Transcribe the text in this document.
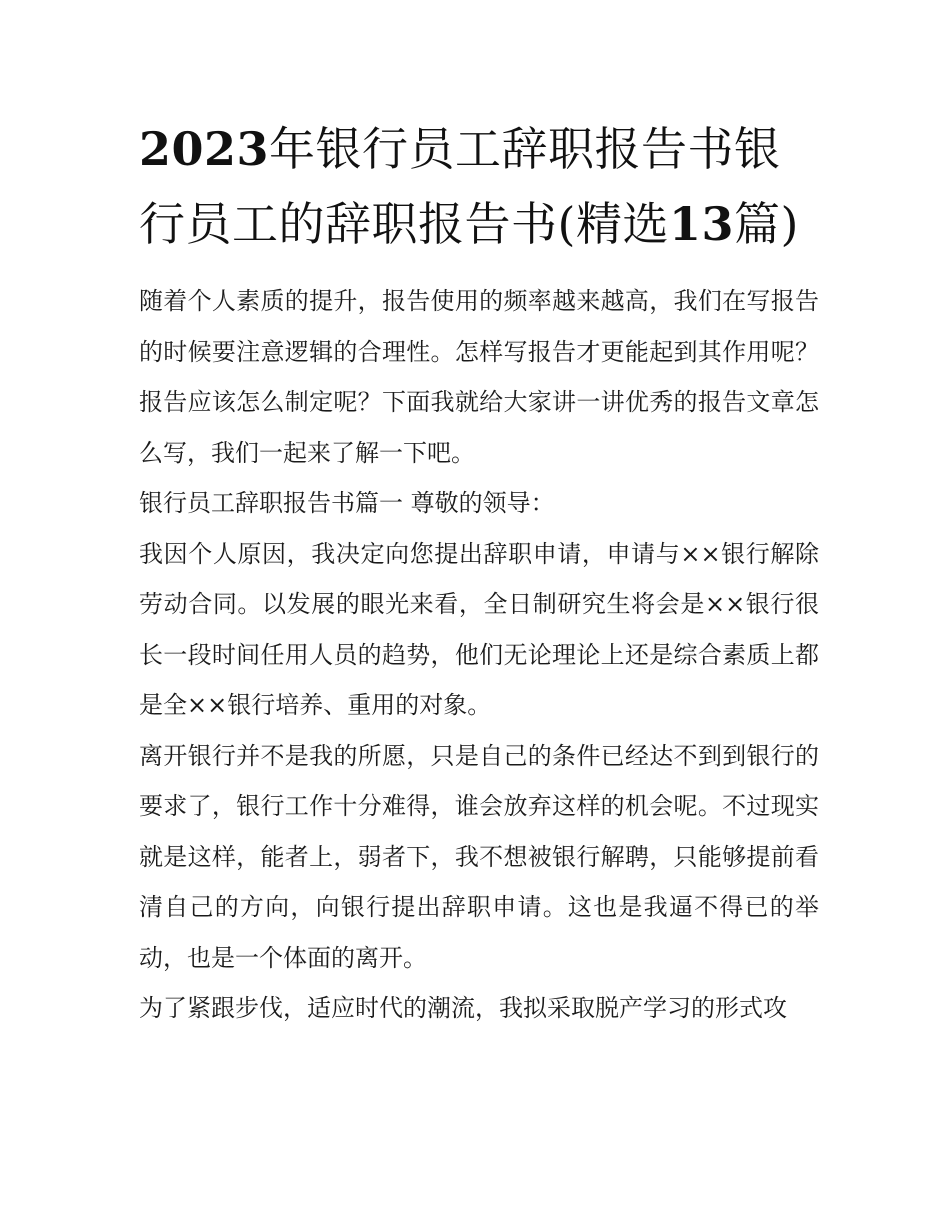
2023年银行员工辞职报告书银行员工的辞职报告书(精选13篇)

随着个人素质的提升，报告使用的频率越来越高，我们在写报告的时候要注意逻辑的合理性。怎样写报告才更能起到其作用呢？报告应该怎么制定呢？下面我就给大家讲一讲优秀的报告文章怎么写，我们一起来了解一下吧。

银行员工辞职报告书篇一 尊敬的领导：

我因个人原因，我决定向您提出辞职申请，申请与××银行解除劳动合同。以发展的眼光来看，全日制研究生将会是××银行很长一段时间任用人员的趋势，他们无论理论上还是综合素质上都是全××银行培养、重用的对象。

离开银行并不是我的所愿，只是自己的条件已经达不到到银行的要求了，银行工作十分难得，谁会放弃这样的机会呢。不过现实就是这样，能者上，弱者下，我不想被银行解聘，只能够提前看清自己的方向，向银行提出辞职申请。这也是我逼不得已的举动，也是一个体面的离开。

为了紧跟步伐，适应时代的潮流，我拟采取脱产学习的形式攻
